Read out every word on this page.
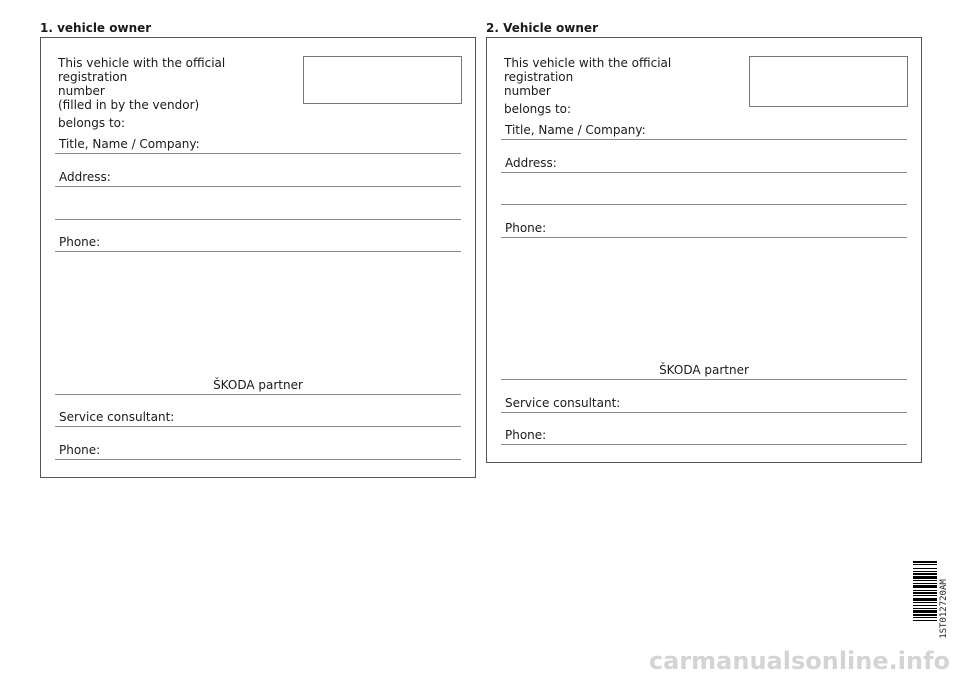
1. vehicle owner
This vehicle with the official registration
number
(filled in by the vendor)
belongs to:
Title, Name / Company:
Address:
Phone:
ŠKODA partner
Service consultant:
Phone:
2. Vehicle owner
This vehicle with the official registration
number
belongs to:
Title, Name / Company:
Address:
Phone:
ŠKODA partner
Service consultant:
Phone:
1ST012720AM
carmanualsonline.info
